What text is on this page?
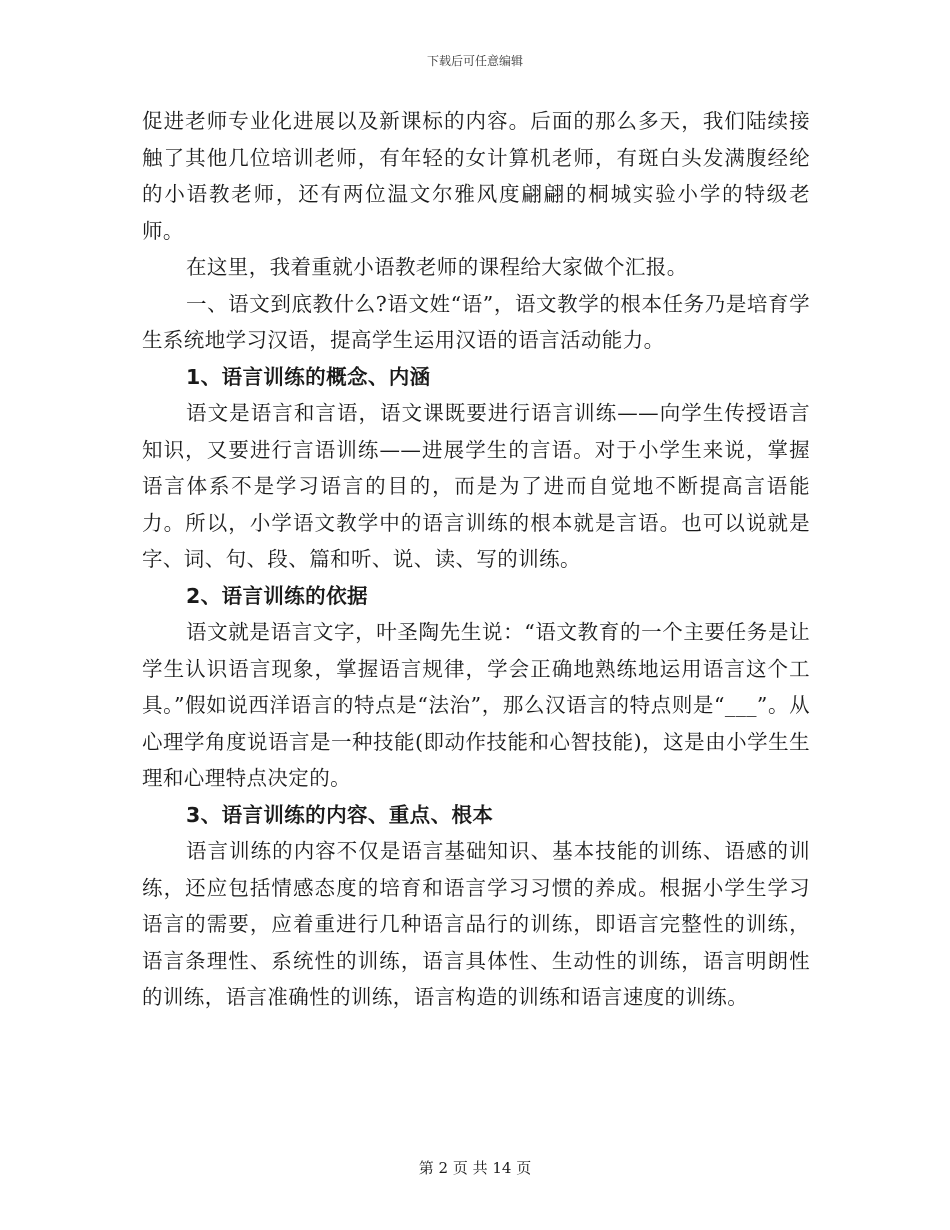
下载后可任意编辑

促进老师专业化进展以及新课标的内容。后面的那么多天，我们陆续接触了其他几位培训老师，有年轻的女计算机老师，有斑白头发满腹经纶的小语教老师，还有两位温文尔雅风度翩翩的桐城实验小学的特级老师。

在这里，我着重就小语教老师的课程给大家做个汇报。

一、语文到底教什么?语文姓“语”，语文教学的根本任务乃是培育学生系统地学习汉语，提高学生运用汉语的语言活动能力。

1、语言训练的概念、内涵

语文是语言和言语，语文课既要进行语言训练——向学生传授语言知识，又要进行言语训练——进展学生的言语。对于小学生来说，掌握语言体系不是学习语言的目的，而是为了进而自觉地不断提高言语能力。所以，小学语文教学中的语言训练的根本就是言语。也可以说就是字、词、句、段、篇和听、说、读、写的训练。

2、语言训练的依据

语文就是语言文字，叶圣陶先生说：“语文教育的一个主要任务是让学生认识语言现象，掌握语言规律，学会正确地熟练地运用语言这个工具。”假如说西洋语言的特点是“法治”，那么汉语言的特点则是“___”。从心理学角度说语言是一种技能(即动作技能和心智技能)，这是由小学生生理和心理特点决定的。

3、语言训练的内容、重点、根本

语言训练的内容不仅是语言基础知识、基本技能的训练、语感的训练，还应包括情感态度的培育和语言学习习惯的养成。根据小学生学习语言的需要，应着重进行几种语言品行的训练，即语言完整性的训练，语言条理性、系统性的训练，语言具体性、生动性的训练，语言明朗性的训练，语言准确性的训练，语言构造的训练和语言速度的训练。

第 2 页 共 14 页
